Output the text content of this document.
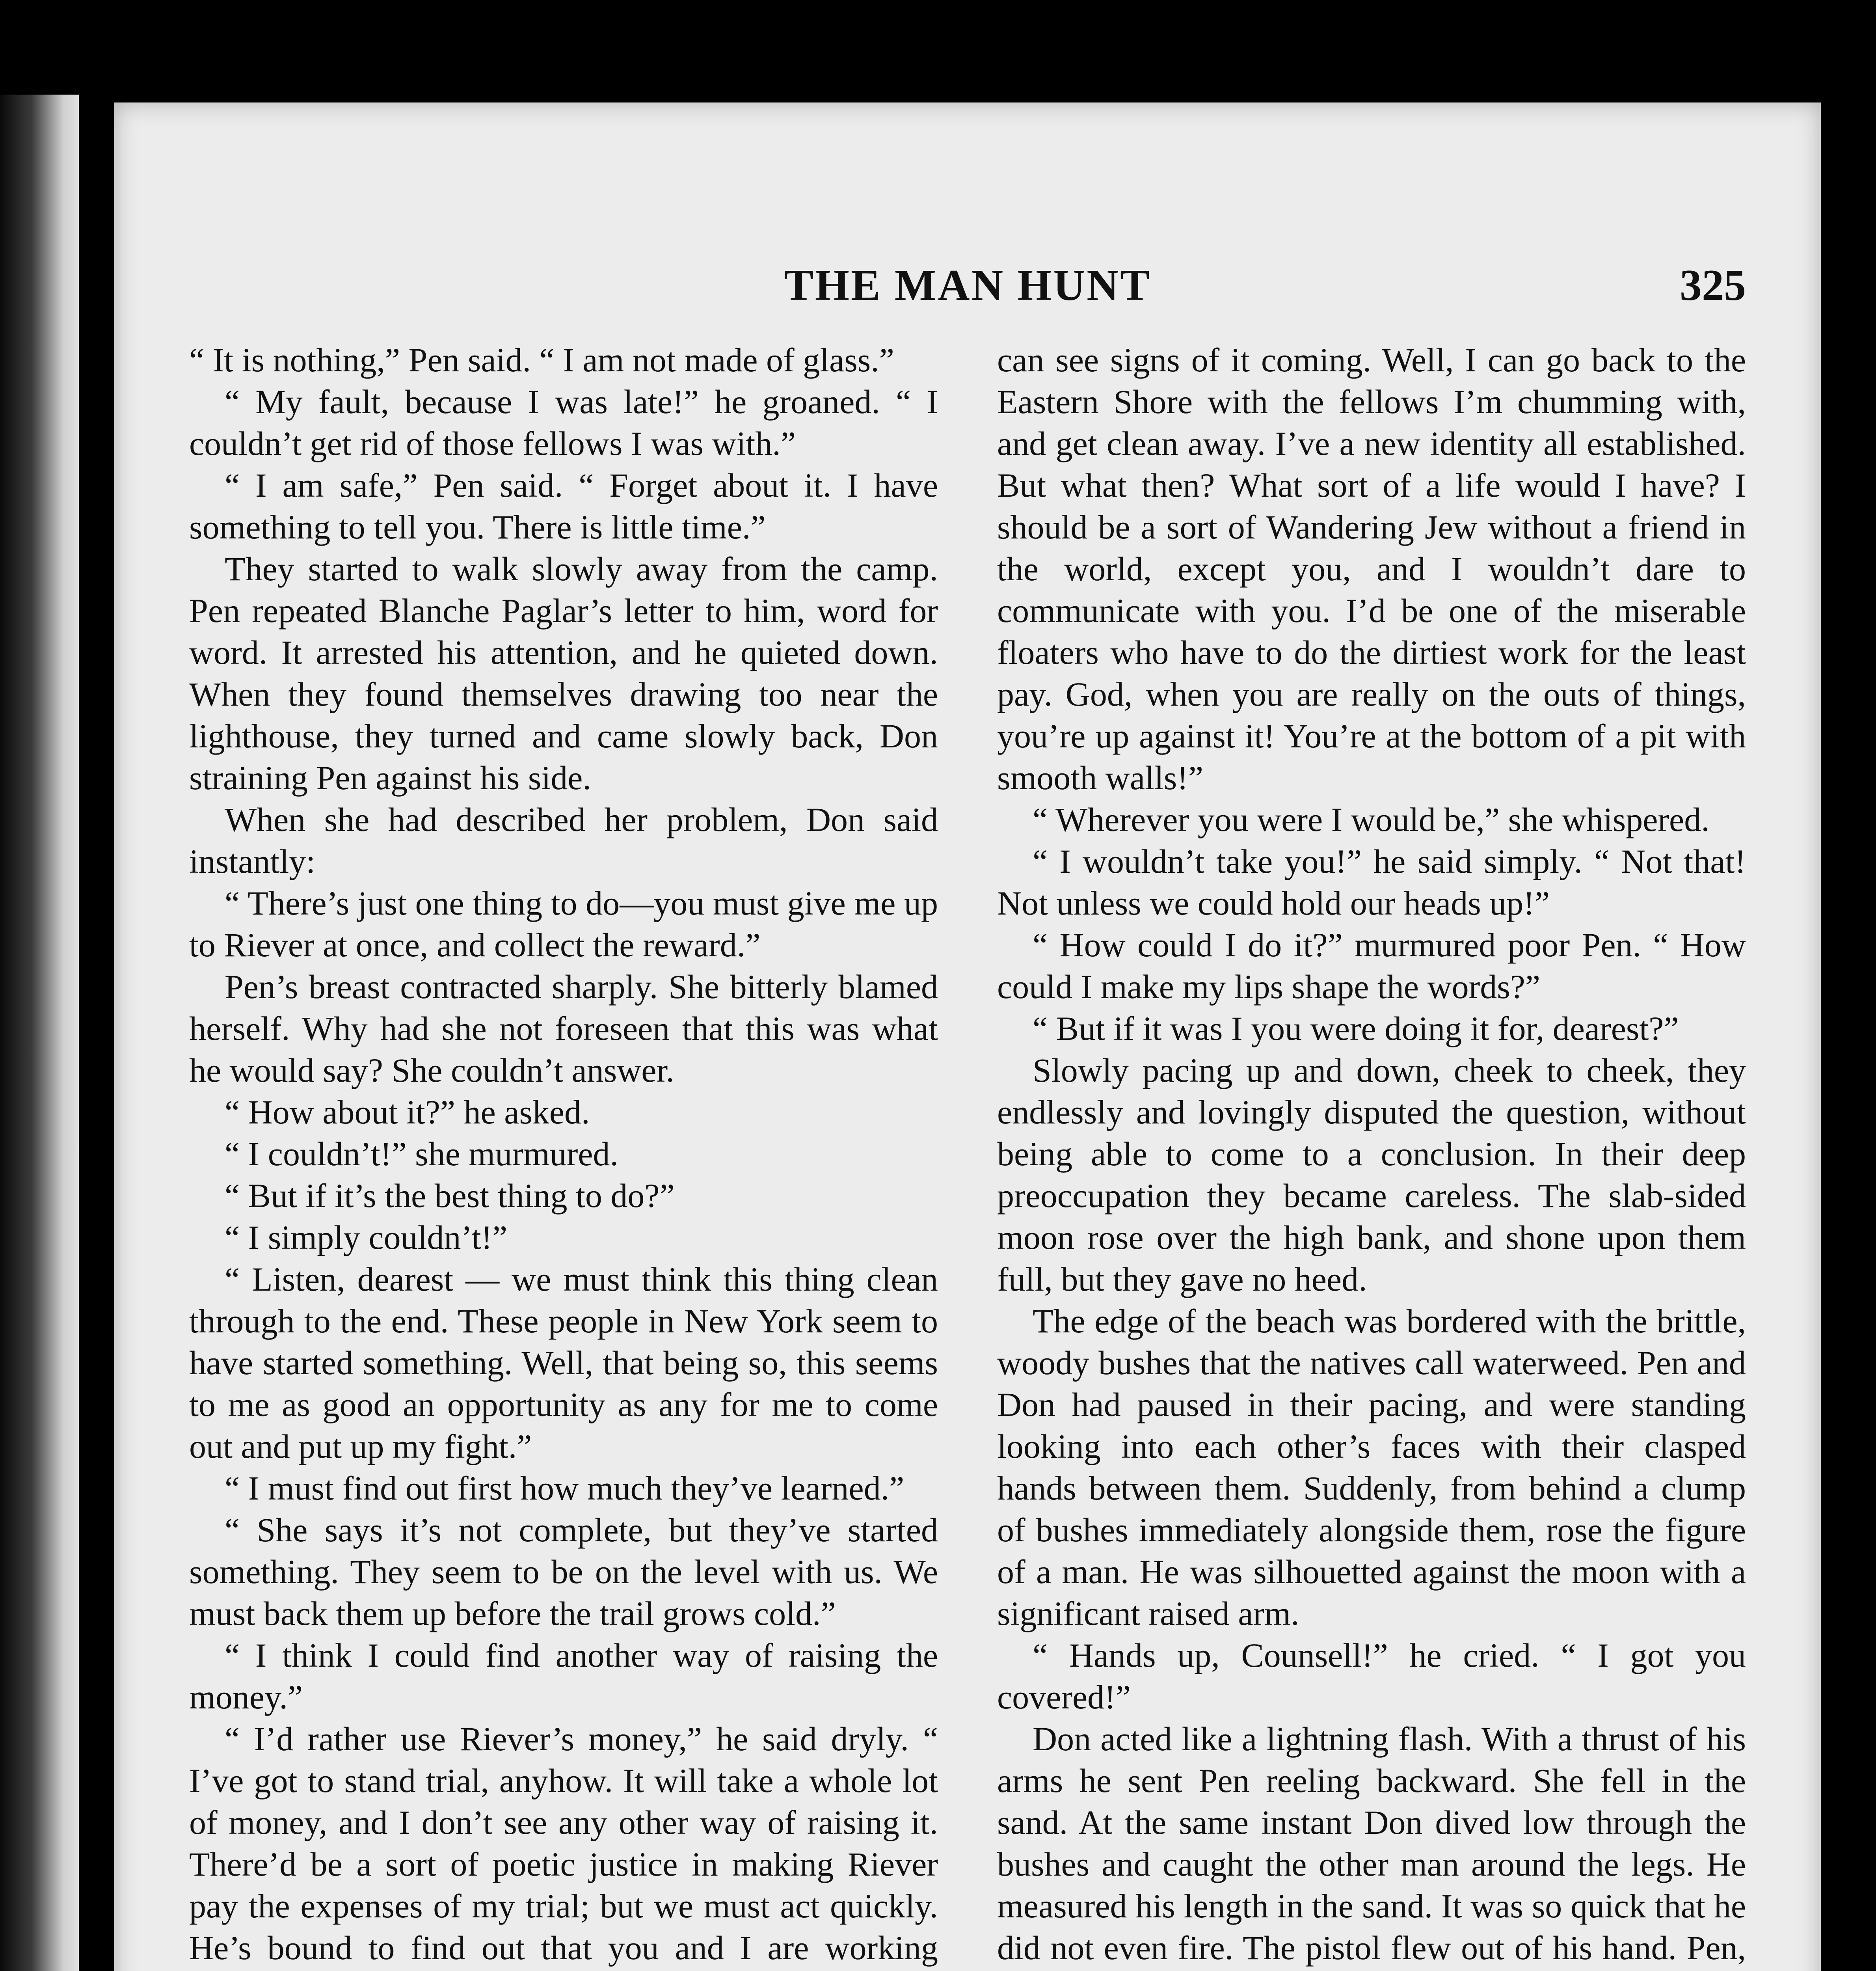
THE MAN HUNT	325

“ It is nothing,” Pen said. “ I am not made of glass.”

“ My fault, because I was late!” he groaned. “ I couldn’t get rid of those fellows I was with.”

“ I am safe,” Pen said. “ Forget about it. I have something to tell you. There is little time.”

They started to walk slowly away from the camp. Pen repeated Blanche Paglar’s letter to him, word for word. It arrested his attention, and he quieted down. When they found themselves drawing too near the lighthouse, they turned and came slowly back, Don straining Pen against his side.

When she had described her problem, Don said instantly:

“ There’s just one thing to do—you must give me up to Riever at once, and collect the reward.”

Pen’s breast contracted sharply. She bitterly blamed herself. Why had she not foreseen that this was what he would say? She couldn’t answer.

“ How about it?” he asked.

“ I couldn’t!” she murmured.

“ But if it’s the best thing to do?”

“ I simply couldn’t!”

“ Listen, dearest — we must think this thing clean through to the end. These people in New York seem to have started something. Well, that being so, this seems to me as good an opportunity as any for me to come out and put up my fight.”

“ I must find out first how much they’ve learned.”

“ She says it’s not complete, but they’ve started something. They seem to be on the level with us. We must back them up before the trail grows cold.”

“ I think I could find another way of raising the money.”

“ I’d rather use Riever’s money,” he said dryly. “ I’ve got to stand trial, anyhow. It will take a whole lot of money, and I don’t see any other way of raising it. There’d be a sort of poetic justice in making Riever pay the expenses of my trial; but we must act quickly. He’s bound to find out that you and I are working

can see signs of it coming. Well, I can go back to the Eastern Shore with the fellows I’m chumming with, and get clean away. I’ve a new identity all established. But what then? What sort of a life would I have? I should be a sort of Wandering Jew without a friend in the world, except you, and I wouldn’t dare to communicate with you. I’d be one of the miserable floaters who have to do the dirtiest work for the least pay. God, when you are really on the outs of things, you’re up against it! You’re at the bottom of a pit with smooth walls!”

“ Wherever you were I would be,” she whispered.

“ I wouldn’t take you!” he said simply. “ Not that! Not unless we could hold our heads up!”

“ How could I do it?” murmured poor Pen. “ How could I make my lips shape the words?”

“ But if it was I you were doing it for, dearest?”

Slowly pacing up and down, cheek to cheek, they endlessly and lovingly disputed the question, without being able to come to a conclusion. In their deep preoccupation they became careless. The slab-sided moon rose over the high bank, and shone upon them full, but they gave no heed.

The edge of the beach was bordered with the brittle, woody bushes that the natives call waterweed. Pen and Don had paused in their pacing, and were standing looking into each other’s faces with their clasped hands between them. Suddenly, from behind a clump of bushes immediately alongside them, rose the figure of a man. He was silhouetted against the moon with a significant raised arm.

“ Hands up, Counsell!” he cried. “ I got you covered!”

Don acted like a lightning flash. With a thrust of his arms he sent Pen reeling backward. She fell in the sand. At the same instant Don dived low through the bushes and caught the other man around the legs. He measured his length in the sand. It was so quick that he did not even fire. The pistol flew out of his hand. Pen,
